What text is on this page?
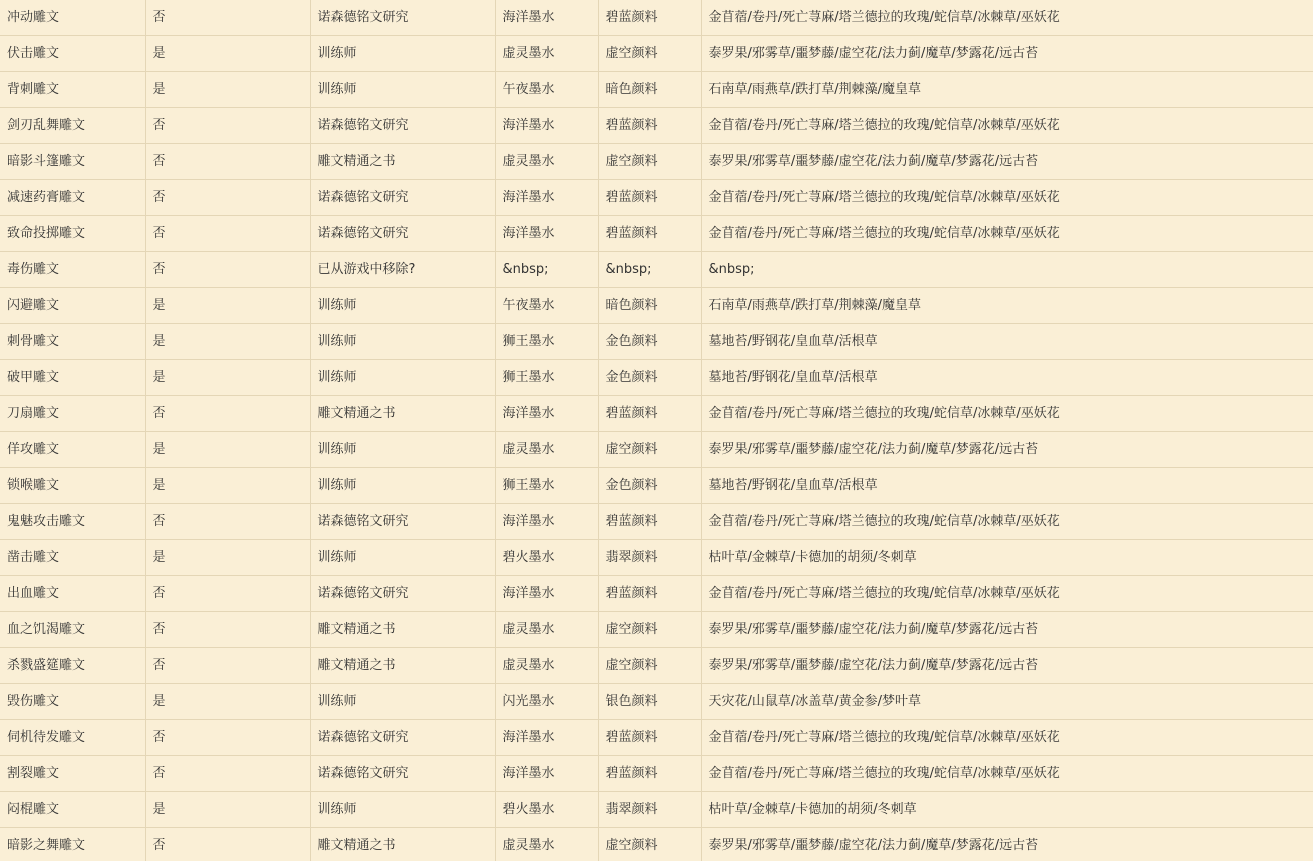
冲动雕文	否	诺森德铭文研究	海洋墨水	碧蓝颜料	金苜蓿/卷丹/死亡荨麻/塔兰德拉的玫瑰/蛇信草/冰棘草/巫妖花
伏击雕文	是	训练师	虚灵墨水	虚空颜料	泰罗果/邪雾草/噩梦藤/虚空花/法力蓟/魔草/梦露花/远古苔
背刺雕文	是	训练师	午夜墨水	暗色颜料	石南草/雨燕草/跌打草/荆棘藻/魔皇草
剑刃乱舞雕文	否	诺森德铭文研究	海洋墨水	碧蓝颜料	金苜蓿/卷丹/死亡荨麻/塔兰德拉的玫瑰/蛇信草/冰棘草/巫妖花
暗影斗篷雕文	否	雕文精通之书	虚灵墨水	虚空颜料	泰罗果/邪雾草/噩梦藤/虚空花/法力蓟/魔草/梦露花/远古苔
减速药膏雕文	否	诺森德铭文研究	海洋墨水	碧蓝颜料	金苜蓿/卷丹/死亡荨麻/塔兰德拉的玫瑰/蛇信草/冰棘草/巫妖花
致命投掷雕文	否	诺森德铭文研究	海洋墨水	碧蓝颜料	金苜蓿/卷丹/死亡荨麻/塔兰德拉的玫瑰/蛇信草/冰棘草/巫妖花
毒伤雕文	否	已从游戏中移除?	&nbsp;	&nbsp;	&nbsp;
闪避雕文	是	训练师	午夜墨水	暗色颜料	石南草/雨燕草/跌打草/荆棘藻/魔皇草
刺骨雕文	是	训练师	狮王墨水	金色颜料	墓地苔/野钢花/皇血草/活根草
破甲雕文	是	训练师	狮王墨水	金色颜料	墓地苔/野钢花/皇血草/活根草
刀扇雕文	否	雕文精通之书	海洋墨水	碧蓝颜料	金苜蓿/卷丹/死亡荨麻/塔兰德拉的玫瑰/蛇信草/冰棘草/巫妖花
佯攻雕文	是	训练师	虚灵墨水	虚空颜料	泰罗果/邪雾草/噩梦藤/虚空花/法力蓟/魔草/梦露花/远古苔
锁喉雕文	是	训练师	狮王墨水	金色颜料	墓地苔/野钢花/皇血草/活根草
鬼魅攻击雕文	否	诺森德铭文研究	海洋墨水	碧蓝颜料	金苜蓿/卷丹/死亡荨麻/塔兰德拉的玫瑰/蛇信草/冰棘草/巫妖花
凿击雕文	是	训练师	碧火墨水	翡翠颜料	枯叶草/金棘草/卡德加的胡须/冬刺草
出血雕文	否	诺森德铭文研究	海洋墨水	碧蓝颜料	金苜蓿/卷丹/死亡荨麻/塔兰德拉的玫瑰/蛇信草/冰棘草/巫妖花
血之饥渴雕文	否	雕文精通之书	虚灵墨水	虚空颜料	泰罗果/邪雾草/噩梦藤/虚空花/法力蓟/魔草/梦露花/远古苔
杀戮盛筵雕文	否	雕文精通之书	虚灵墨水	虚空颜料	泰罗果/邪雾草/噩梦藤/虚空花/法力蓟/魔草/梦露花/远古苔
毁伤雕文	是	训练师	闪光墨水	银色颜料	天灾花/山鼠草/冰盖草/黄金参/梦叶草
伺机待发雕文	否	诺森德铭文研究	海洋墨水	碧蓝颜料	金苜蓿/卷丹/死亡荨麻/塔兰德拉的玫瑰/蛇信草/冰棘草/巫妖花
割裂雕文	否	诺森德铭文研究	海洋墨水	碧蓝颜料	金苜蓿/卷丹/死亡荨麻/塔兰德拉的玫瑰/蛇信草/冰棘草/巫妖花
闷棍雕文	是	训练师	碧火墨水	翡翠颜料	枯叶草/金棘草/卡德加的胡须/冬刺草
暗影之舞雕文	否	雕文精通之书	虚灵墨水	虚空颜料	泰罗果/邪雾草/噩梦藤/虚空花/法力蓟/魔草/梦露花/远古苔
